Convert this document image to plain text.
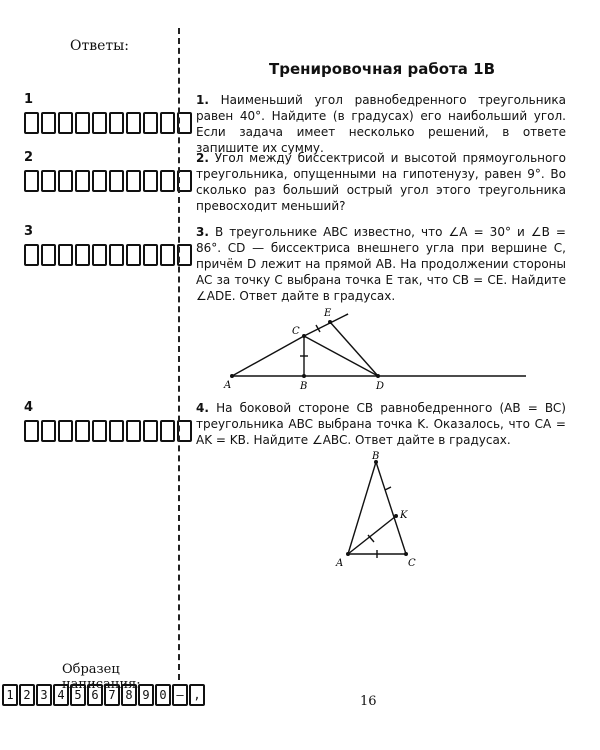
Ответы:
1
2
3
4
Образец написания:
1 2 3 4 5 6 7 8 9 0 — ,
Тренировочная работа 1В
1. Наименьший угол равнобедренного треугольника равен 40°. Найдите (в градусах) его наибольший угол. Если задача имеет несколько решений, в ответе запишите их сумму.
2. Угол между биссектрисой и высотой прямоугольного треугольника, опущенными на гипотенузу, равен 9°. Во сколько раз больший острый угол этого треугольника превосходит меньший?
3. В треугольнике ABC известно, что ∠A = 30° и ∠B = 86°. CD — биссектриса внешнего угла при вершине C, причём D лежит на прямой AB. На продолжении стороны AC за точку C выбрана точка E так, что CB = CE. Найдите ∠ADE. Ответ дайте в градусах.
A	B
C
D
E
4. На боковой стороне CB равнобедренного (AB = BC) треугольника ABC выбрана точка K. Оказалось, что CA = AK = KB. Найдите ∠ABC. Ответ дайте в градусах.
A
B
C
K
16
